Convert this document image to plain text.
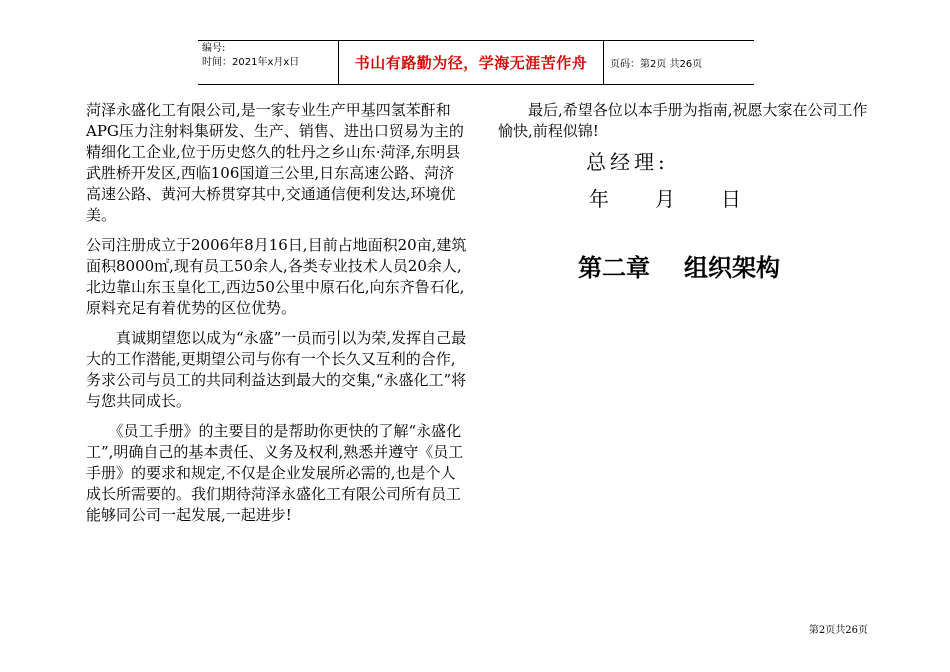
编号:
时间：2021年x月x日	书山有路勤为径，学海无涯苦作舟	页码：第2页 共26页

菏泽永盛化工有限公司,是一家专业生产甲基四氢苯酐和APG压力注射料集研发、生产、销售、进出口贸易为主的精细化工企业,位于历史悠久的牡丹之乡山东·菏泽,东明县武胜桥开发区,西临106国道三公里,日东高速公路、菏济高速公路、黄河大桥贯穿其中,交通通信便利发达,环境优美。

公司注册成立于2006年8月16日,目前占地面积20亩,建筑面积8000㎡,现有员工50余人,各类专业技术人员20余人,北边靠山东玉皇化工,西边50公里中原石化,向东齐鲁石化,原料充足有着优势的区位优势。

　　真诚期望您以成为“永盛”一员而引以为荣,发挥自己最大的工作潜能,更期望公司与你有一个长久又互利的合作,务求公司与员工的共同利益达到最大的交集,“永盛化工”将与您共同成长。

　　《员工手册》的主要目的是帮助你更快的了解“永盛化工”,明确自己的基本责任、义务及权利,熟悉并遵守《员工手册》的要求和规定,不仅是企业发展所必需的,也是个人成长所需要的。我们期待菏泽永盛化工有限公司所有员工能够同公司一起发展,一起进步!

　　最后,希望各位以本手册为指南,祝愿大家在公司工作愉快,前程似锦!

总经理:
年 月 日
第二章 组织架构
第2页共26页
